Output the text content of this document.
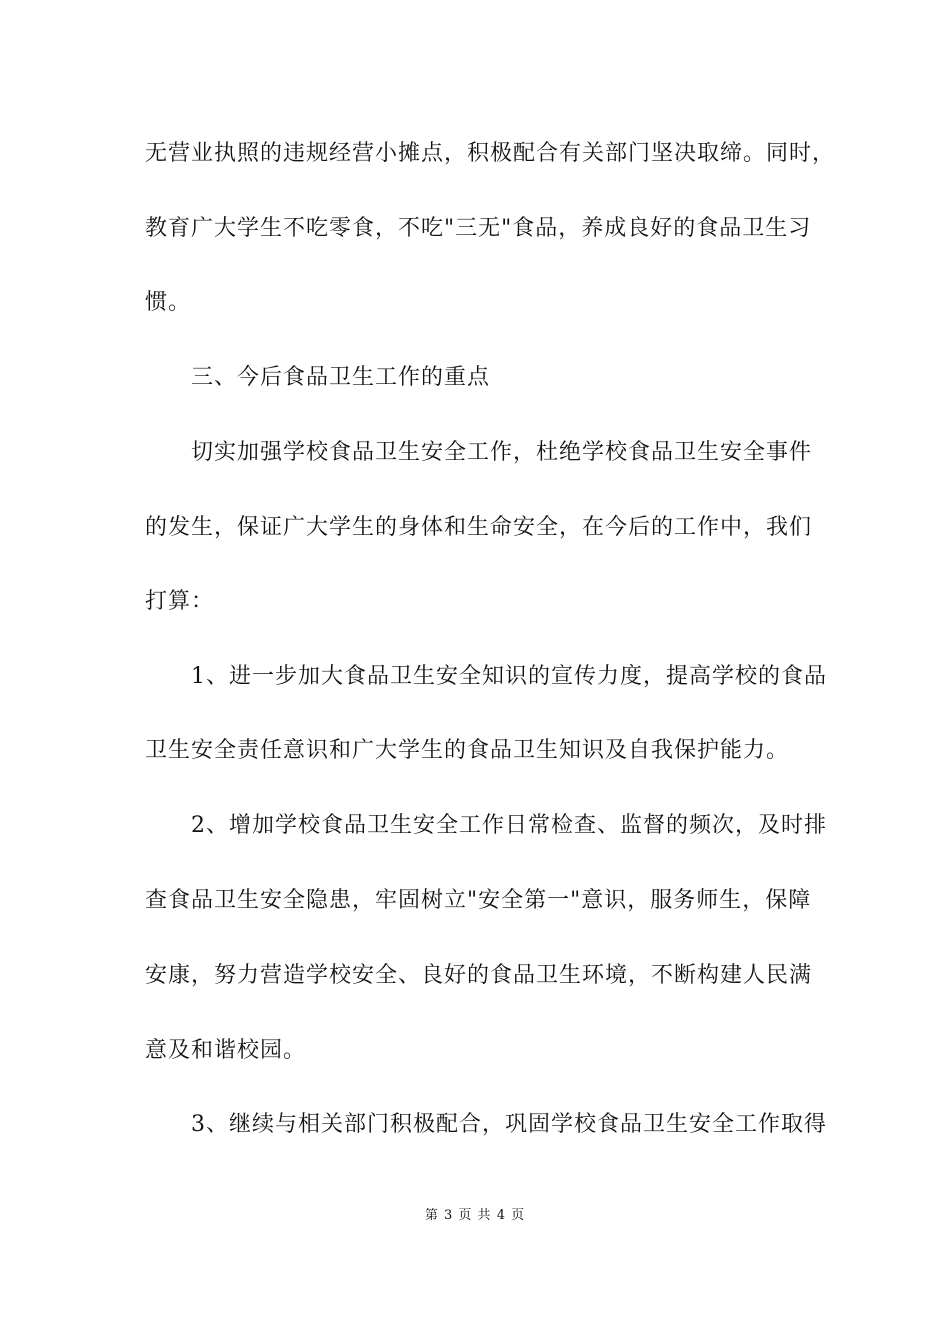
无营业执照的违规经营小摊点，积极配合有关部门坚决取缔。同时，
教育广大学生不吃零食，不吃"三无"食品，养成良好的食品卫生习
惯。
三、今后食品卫生工作的重点
切实加强学校食品卫生安全工作，杜绝学校食品卫生安全事件
的发生，保证广大学生的身体和生命安全，在今后的工作中，我们
打算：
1、进一步加大食品卫生安全知识的宣传力度，提高学校的食品
卫生安全责任意识和广大学生的食品卫生知识及自我保护能力。
2、增加学校食品卫生安全工作日常检查、监督的频次，及时排
查食品卫生安全隐患，牢固树立"安全第一"意识，服务师生，保障
安康，努力营造学校安全、良好的食品卫生环境，不断构建人民满
意及和谐校园。
3、继续与相关部门积极配合，巩固学校食品卫生安全工作取得
第 3 页 共 4 页
